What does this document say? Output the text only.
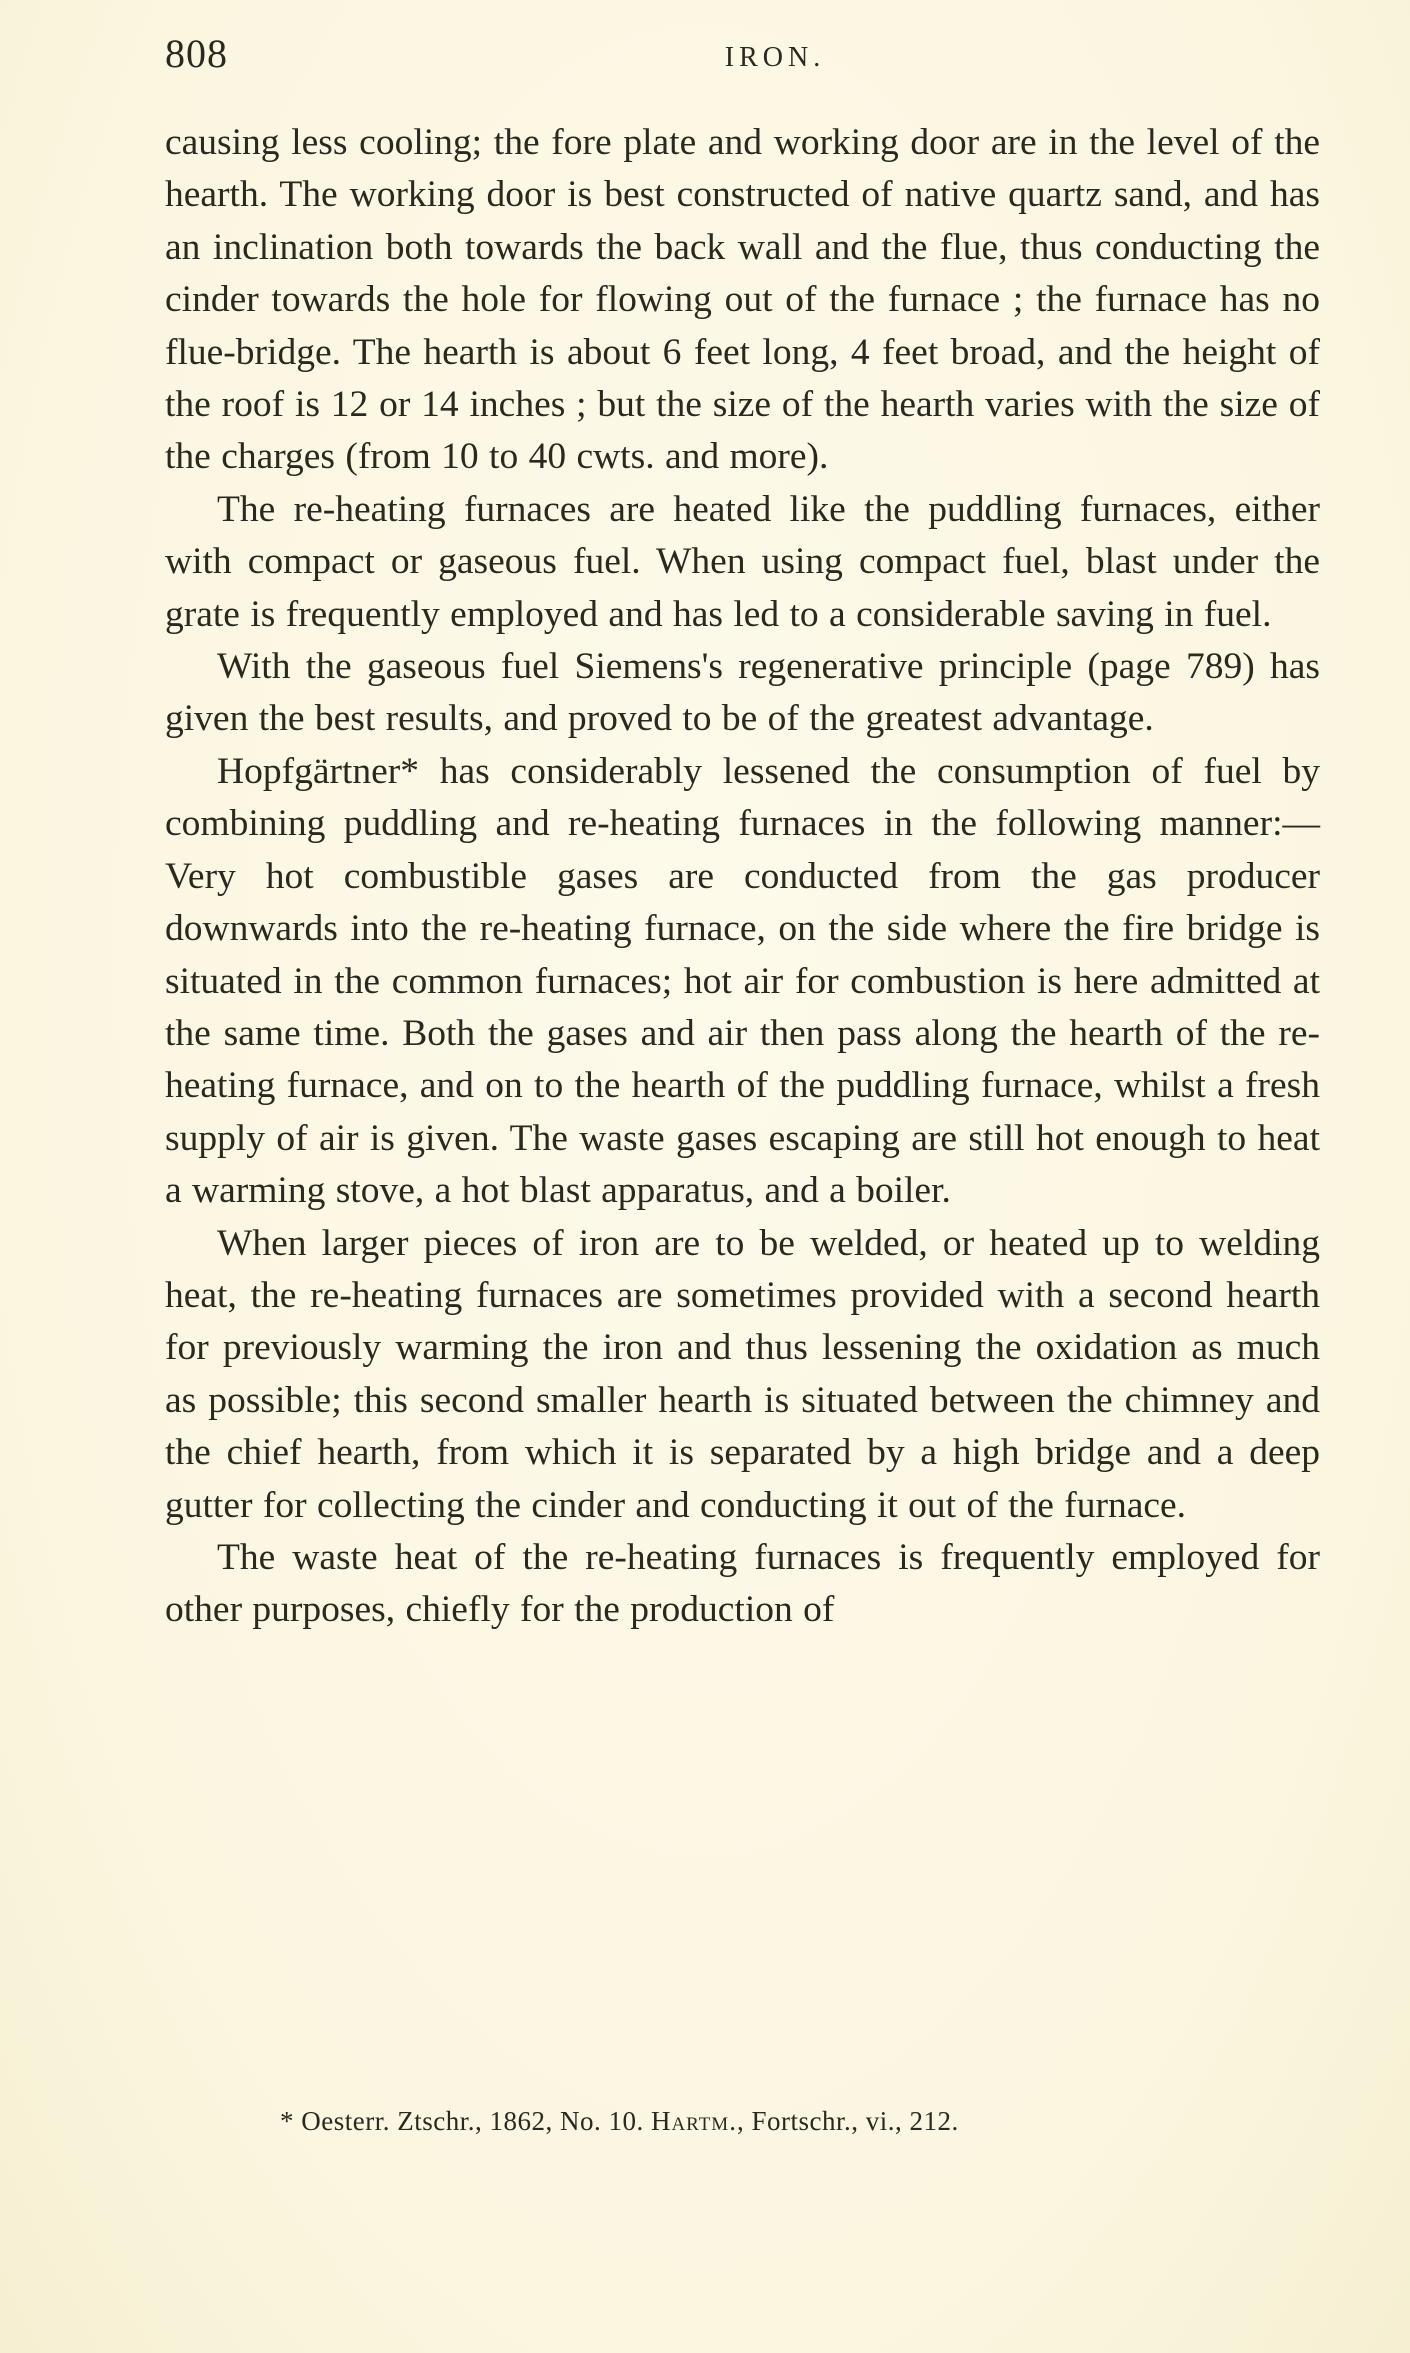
808	IRON.

causing less cooling; the fore plate and working door are in the level of the hearth. The working door is best constructed of native quartz sand, and has an inclination both towards the back wall and the flue, thus conducting the cinder towards the hole for flowing out of the furnace ; the furnace has no flue-bridge. The hearth is about 6 feet long, 4 feet broad, and the height of the roof is 12 or 14 inches ; but the size of the hearth varies with the size of the charges (from 10 to 40 cwts. and more).

The re-heating furnaces are heated like the puddling furnaces, either with compact or gaseous fuel. When using compact fuel, blast under the grate is frequently employed and has led to a considerable saving in fuel.

With the gaseous fuel Siemens's regenerative principle (page 789) has given the best results, and proved to be of the greatest advantage.

Hopfgärtner* has considerably lessened the consumption of fuel by combining puddling and re-heating furnaces in the following manner:—Very hot combustible gases are conducted from the gas producer downwards into the re-heating furnace, on the side where the fire bridge is situated in the common furnaces; hot air for combustion is here admitted at the same time. Both the gases and air then pass along the hearth of the re-heating furnace, and on to the hearth of the puddling furnace, whilst a fresh supply of air is given. The waste gases escaping are still hot enough to heat a warming stove, a hot blast apparatus, and a boiler.

When larger pieces of iron are to be welded, or heated up to welding heat, the re-heating furnaces are sometimes provided with a second hearth for previously warming the iron and thus lessening the oxidation as much as possible; this second smaller hearth is situated between the chimney and the chief hearth, from which it is separated by a high bridge and a deep gutter for collecting the cinder and conducting it out of the furnace.

The waste heat of the re-heating furnaces is frequently employed for other purposes, chiefly for the production of

* Oesterr. Ztschr., 1862, No. 10. Hartm., Fortschr., vi., 212.
